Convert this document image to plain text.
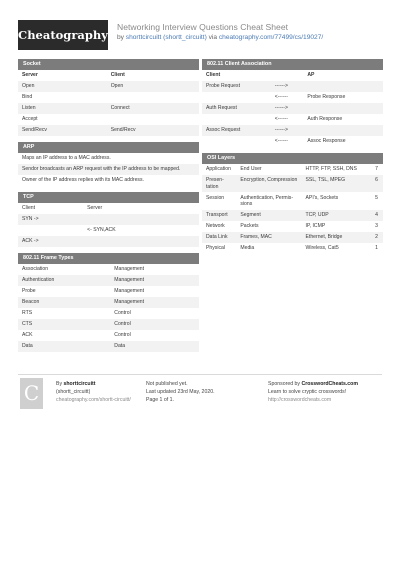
Cheatography
Networking Interview Questions Cheat Sheet
by shorttcircuitt (shortt_circuitt) via cheatography.com/77499/cs/19027/
Socket
Server	Client
Open	Open
Bind	
Listen	Connect
Accept	
Send/Recv	Send/Recv
ARP
Maps an IP address to a MAC address.
Sendor broadcasts an ARP request with the IP address to be mapped.
Owner of the IP address replies with its MAC address.
TCP
Client	Server
SYN ->	
	<- SYN,ACK
ACK ->	
802.11 Frame Types
Association	Management
Authentication	Management
Probe	Management
Beacon	Management
RTS	Control
CTS	Control
ACK	Control
Data	Data
802.11 Client Association
Client		AP
Probe Request	------>	
	<------	Probe Response
Auth Request	------>	
	<------	Auth Response
Assoc Request	------>	
	<------	Assoc Response
OSI Layers
Application	End User	HTTP, FTP, SSH, DNS	7
Presen-tation	Encryption, Compression	SSL, TSL, MPEG	6
Session	Authentication, Permis-sions	API's, Sockets	5
Transport	Segment	TCP, UDP	4
Network	Packets	IP, ICMP	3
Data Link	Frames, MAC	Ethernet, Bridge	2
Physical	Media	Wireless, Cat5	1
C	By shorttcircuitt
(shortt_circuitt)
cheatography.com/shortt-circuitt/
Not published yet.
Last updated 23rd May, 2020.
Page 1 of 1.
Sponsored by CrosswordCheats.com
Learn to solve cryptic crosswords!
http://crosswordcheats.com
